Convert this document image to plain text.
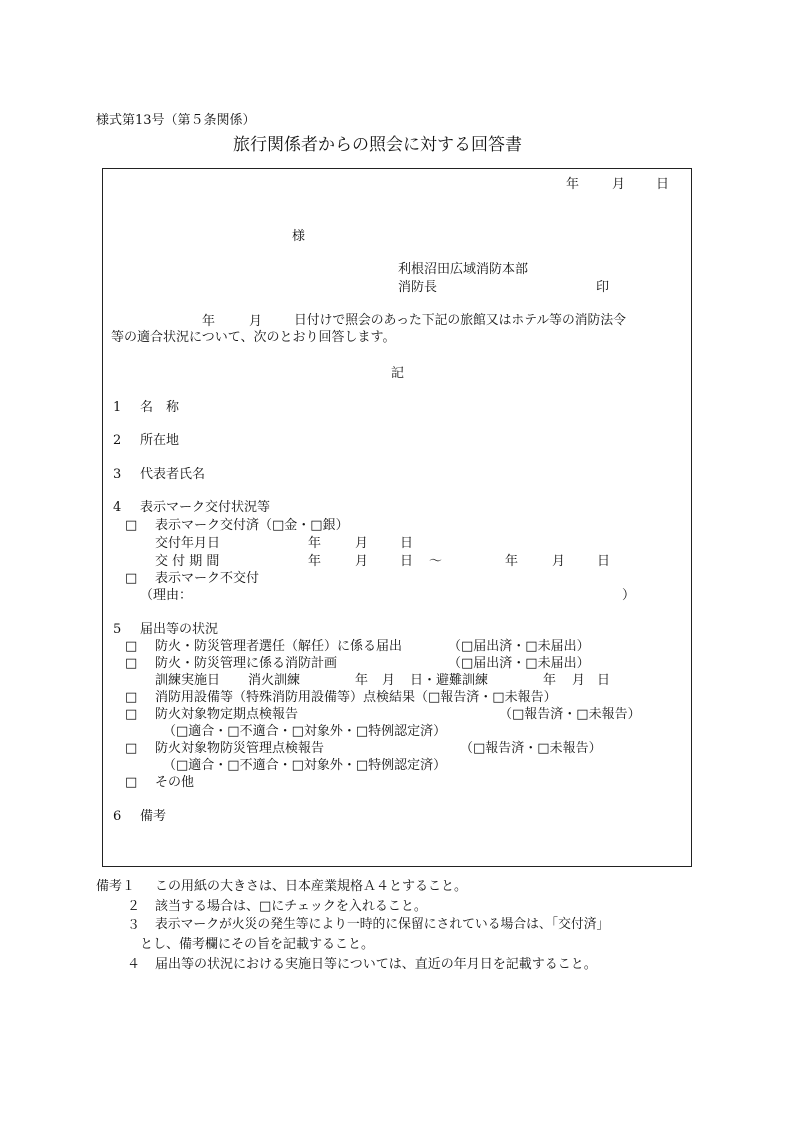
様式第13号（第５条関係）
旅行関係者からの照会に対する回答書
年	月 日
様
利根沼田広域消防本部
消防長	印
年	月 日付けで照会のあった下記の旅館又はホテル等の消防法令
等の適合状況について、次のとおり回答します。
記
1 名　称
2 所在地
3 代表者氏名
4 表示マーク交付状況等
□ 表示マーク交付済（□金・□銀）
交付年月日	年	月 日
交 付 期 間	年	月 日 ～	年	月 日
□ 表示マーク不交付
（理由：	）
5 届出等の状況
□ 防火・防災管理者選任（解任）に係る届出	（□届出済・□未届出）
□ 防火・防災管理に係る消防計画	（□届出済・□未届出）
訓練実施日 消火訓練	年 月 日・避難訓練	年 月 日
□ 消防用設備等（特殊消防用設備等）点検結果（□報告済・□未報告）
□ 防火対象物定期点検報告	（□報告済・□未報告）
（□適合・□不適合・□対象外・□特例認定済）
□ 防火対象物防災管理点検報告	（□報告済・□未報告）
（□適合・□不適合・□対象外・□特例認定済）
□ その他
6 備考
備考１ この用紙の大きさは、日本産業規格Ａ４とすること。
２ 該当する場合は、□にチェックを入れること。
３ 表示マークが火災の発生等により一時的に保留にされている場合は、「交付済」
とし、備考欄にその旨を記載すること。
４ 届出等の状況における実施日等については、直近の年月日を記載すること。
